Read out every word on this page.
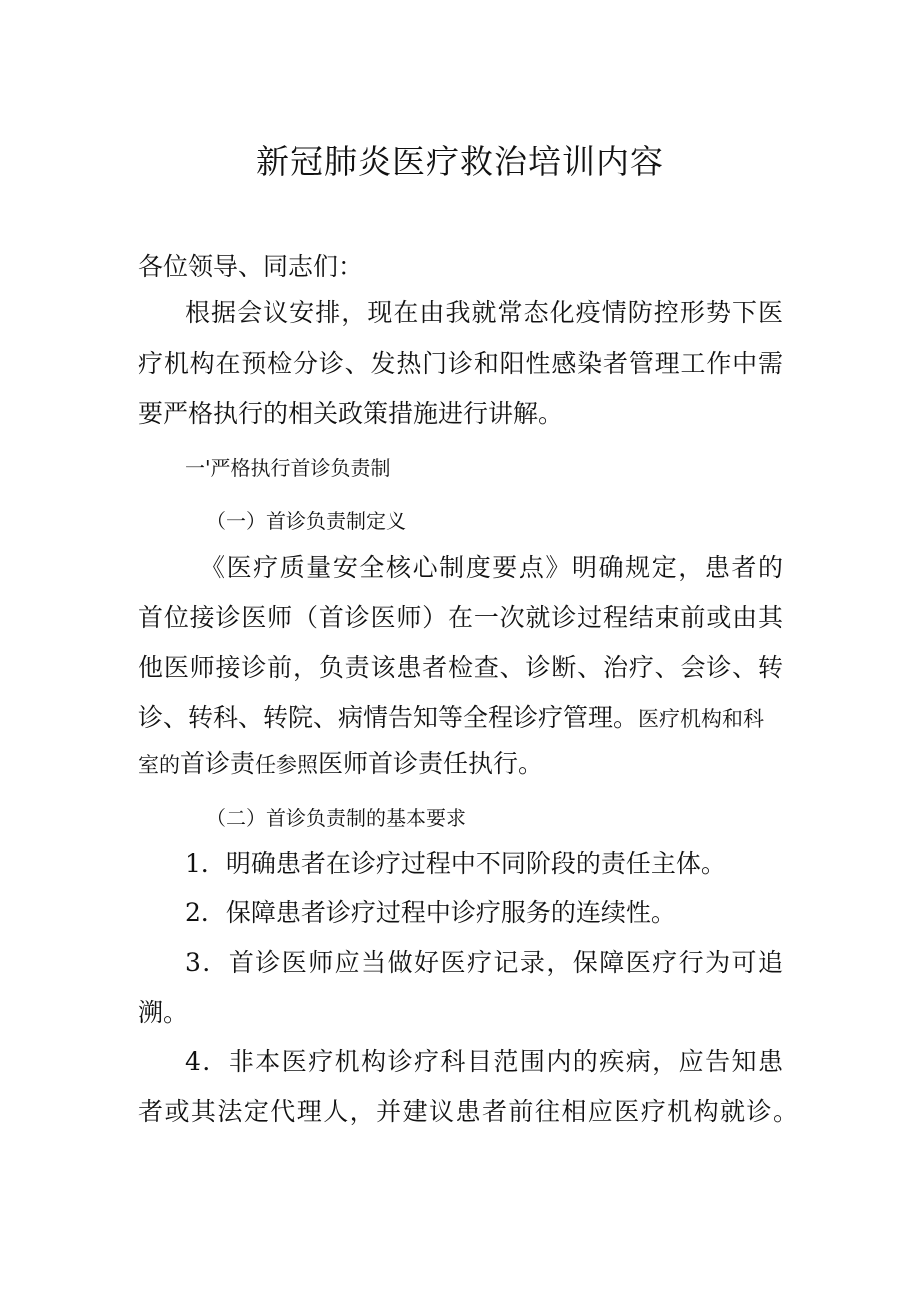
新冠肺炎医疗救治培训内容

各位领导、同志们：

根据会议安排，现在由我就常态化疫情防控形势下医

疗机构在预检分诊、发热门诊和阳性感染者管理工作中需

要严格执行的相关政策措施进行讲解。

一'严格执行首诊负责制

（一）首诊负责制定义

《医疗质量安全核心制度要点》明确规定，患者的

首位接诊医师（首诊医师）在一次就诊过程结束前或由其

他医师接诊前，负责该患者检查、诊断、治疗、会诊、转

诊、转科、转院、病情告知等全程诊疗管理。医疗机构和科

室的首诊责任参照医师首诊责任执行。

（二）首诊负责制的基本要求

1．明确患者在诊疗过程中不同阶段的责任主体。

2．保障患者诊疗过程中诊疗服务的连续性。

3．首诊医师应当做好医疗记录，保障医疗行为可追

溯。

4．非本医疗机构诊疗科目范围内的疾病，应告知患

者或其法定代理人，并建议患者前往相应医疗机构就诊。
